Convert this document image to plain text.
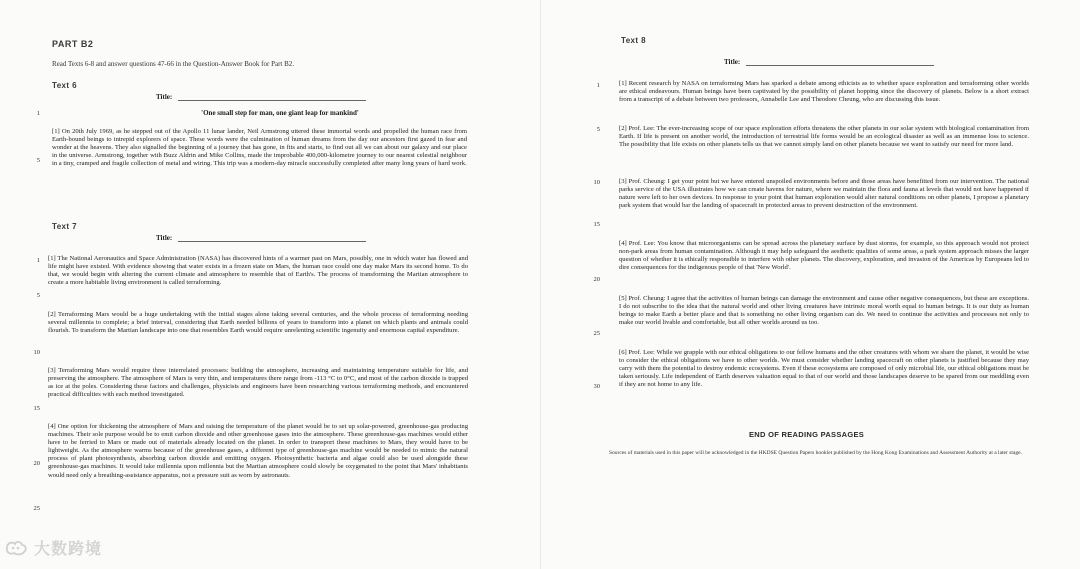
PART B2
Read Texts 6-8 and answer questions 47-66 in the Question-Answer Book for Part B2.
Text 6
Title:
'One small step for man, one giant leap for mankind'
1
[1] On 20th July 1969, as he stepped out of the Apollo 11 lunar lander, Neil Armstrong uttered these immortal words and propelled the human race from Earth-bound beings to intrepid explorers of space. These words were the culmination of human dreams from the day our ancestors first gazed in fear and wonder at the heavens. They also signalled the beginning of a journey that has gone, in fits and starts, to find out all we can about our galaxy and our place in the universe. Armstrong, together with Buzz Aldrin and Mike Collins, made the improbable 400,000-kilometre journey to our nearest celestial neighbour in a tiny, cramped and fragile collection of metal and wiring. This trip was a modern-day miracle successfully completed after many long years of hard work.
5
Text 7
Title:
1 [1] The National Aeronautics and Space Administration (NASA) has discovered hints of a warmer past on Mars, possibly, one in which water has flowed and life might have existed. With evidence showing that water exists in a frozen state on Mars, the human race could one day make Mars its second home. To do that, we would begin with altering the current climate and atmosphere to resemble that of Earth's. The process of transforming the Martian atmosphere to create a more habitable living environment is called terraforming.
5
[2] Terraforming Mars would be a huge undertaking with the initial stages alone taking several centuries, and the whole process of terraforming needing several millennia to complete; a brief interval, considering that Earth needed billions of years to transform into a planet on which plants and animals could flourish. To transform the Martian landscape into one that resembles Earth would require unrelenting scientific ingenuity and enormous capital expenditure.
10
[3] Terraforming Mars would require three interrelated processes: building the atmosphere, increasing and maintaining temperature suitable for life, and preserving the atmosphere. The atmosphere of Mars is very thin, and temperatures there range from -113 °C to 0°C, and most of the carbon dioxide is trapped as ice at the poles. Considering these factors and challenges, physicists and engineers have been researching various terraforming methods, and encountered practical difficulties with each method investigated.
15
[4] One option for thickening the atmosphere of Mars and raising the temperature of the planet would be to set up solar-powered, greenhouse-gas producing machines. Their sole purpose would be to emit carbon dioxide and other greenhouse gases into the atmosphere. These greenhouse-gas machines would either have to be ferried to Mars or made out of materials already located on the planet. In order to transport these machines to Mars, they would have to be lightweight. As the atmosphere warms because of the greenhouse gases, a different type of greenhouse-gas machine would be needed to mimic the natural process of plant photosynthesis, absorbing carbon dioxide and emitting oxygen. Photosynthetic bacteria and algae could also be used alongside these greenhouse-gas machines. It would take millennia upon millennia but the Martian atmosphere could slowly be oxygenated to the point that Mars' inhabitants would need only a breathing-assistance apparatus, not a pressure suit as worn by astronauts.
20
25
大数跨境
Text 8
Title:
1	[1] Recent research by NASA on terraforming Mars has sparked a debate among ethicists as to whether space exploration and terraforming other worlds are ethical endeavours. Human beings have been captivated by the possibility of planet hopping since the discovery of planets. Below is a short extract from a transcript of a debate between two professors, Annabelle Lee and Theodore Cheung, who are discussing this issue.
5	[2] Prof. Lee: The ever-increasing scope of our space exploration efforts threatens the other planets in our solar system with biological contamination from Earth. If life is present on another world, the introduction of terrestrial life forms would be an ecological disaster as well as an immense loss to science. The possibility that life exists on other planets tells us that we cannot simply land on other planets because we want to satisfy our need for more land.
10	[3] Prof. Cheung: I get your point but we have entered unspoiled environments before and those areas have benefitted from our intervention. The national parks service of the USA illustrates how we can create havens for nature, where we maintain the flora and fauna at levels that would not have happened if nature were left to her own devices. In response to your point that human exploration would alter natural conditions on other planets, I propose a planetary park system that would bar the landing of spacecraft in protected areas to prevent destruction of the environment.
15
[4] Prof. Lee: You know that microorganisms can be spread across the planetary surface by dust storms, for example, so this approach would not protect non-park areas from human contamination. Although it may help safeguard the aesthetic qualities of some areas, a park system approach misses the larger question of whether it is ethically responsible to interfere with other planets. The discovery, exploration, and invasion of the Americas by Europeans led to dire consequences for the indigenous people of that 'New World'.
20
[5] Prof. Cheung: I agree that the activities of human beings can damage the environment and cause other negative consequences, but these are exceptions. I do not subscribe to the idea that the natural world and other living creatures have intrinsic moral worth equal to human beings. It is our duty as human beings to make Earth a better place and that is something no other living organism can do. We need to continue the activities and processes not only to make our world livable and comfortable, but all other worlds around us too.
25
[6] Prof. Lee: While we grapple with our ethical obligations to our fellow humans and the other creatures with whom we share the planet, it would be wise to consider the ethical obligations we have to other worlds. We must consider whether landing spacecraft on other planets is justified because they may carry with them the potential to destroy endemic ecosystems. Even if these ecosystems are composed of only microbial life, our ethical obligations must be taken seriously. Life independent of Earth deserves valuation equal to that of our world and those landscapes deserve to be spared from our meddling even if they are not home to any life.
30
END OF READING PASSAGES
Sources of materials used in this paper will be acknowledged in the HKDSE Question Papers booklet published by the Hong Kong Examinations and Assessment Authority at a later stage.
